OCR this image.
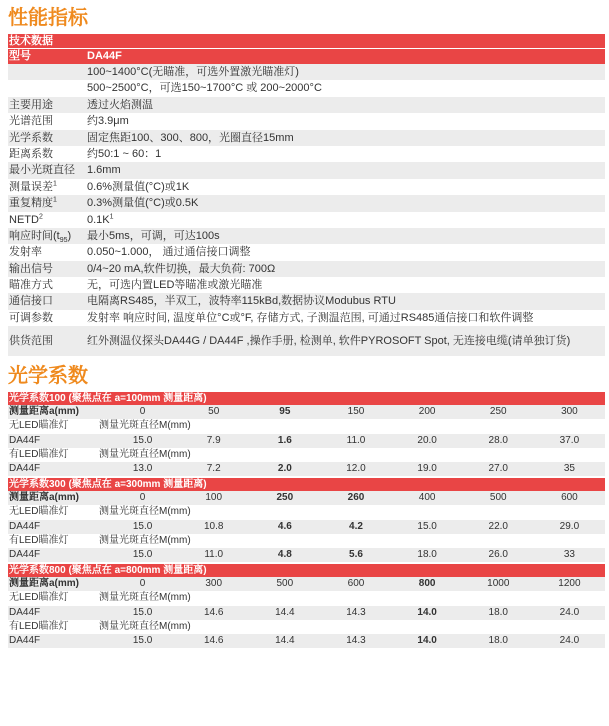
性能指标
技术数据
型号	DA44F
100~1400°C(无瞄准，可选外置激光瞄准灯)
500~2500°C，可选150~1700°C 或 200~2000°C
主要用途	透过火焰测温
光谱范围	约3.9μm
光学系数	固定焦距100、300、800，光圈直径15mm
距离系数	约50:1 ~ 60：1
最小光斑直径	1.6mm
测量误差$^1$	0.6%测量值(°C)或1K
重复精度$^1$	0.3%测量值(°C)或0.5K
NETD$^2$	$0.1K^1$
响应时间$(t_{95})$	最小5ms，可调，可达100s
发射率	0.050~1.000， 通过通信接口调整
输出信号	0/4~20 mA,软件切换，最大负荷: 700Ω
瞄准方式	无，可选内置LED等瞄准或激光瞄准
通信接口	电隔离RS485，半双工，波特率115kBd,数据协议Modubus RTU
可调参数	发射率 响应时间, 温度单位°C或°F, 存储方式, 子测温范围, 可通过RS485通信接口和软件调整
供货范围	红外测温仪探头DA44G / DA44F ,操作手册, 检测单, 软件PYROSOFT Spot, 无连接电缆(请单独订货)
光学系数
光学系数100 (聚焦点在 a=100mm 测量距离)
测量距离a(mm)	0	50	95	150	200	250	300
无LED瞄准灯	测量光斑直径M(mm)
DA44F	15.0	7.9	1.6	11.0	20.0	28.0	37.0
有LED瞄准灯	测量光斑直径M(mm)
DA44F	13.0	7.2	2.0	12.0	19.0	27.0	35
光学系数300 (聚焦点在 a=300mm 测量距离)
测量距离a(mm)	0	100	250	260	400	500	600
无LED瞄准灯	测量光斑直径M(mm)
DA44F	15.0	10.8	4.6	4.2	15.0	22.0	29.0
有LED瞄准灯	测量光斑直径M(mm)
DA44F	15.0	11.0	4.8	5.6	18.0	26.0	33
光学系数800 (聚焦点在 a=800mm 测量距离)
测量距离a(mm)	0	300	500	600	800	1000	1200
无LED瞄准灯	测量光斑直径M(mm)
DA44F	15.0	14.6	14.4	14.3	14.0	18.0	24.0
有LED瞄准灯	测量光斑直径M(mm)
DA44F	15.0	14.6	14.4	14.3	14.0	18.0	24.0
